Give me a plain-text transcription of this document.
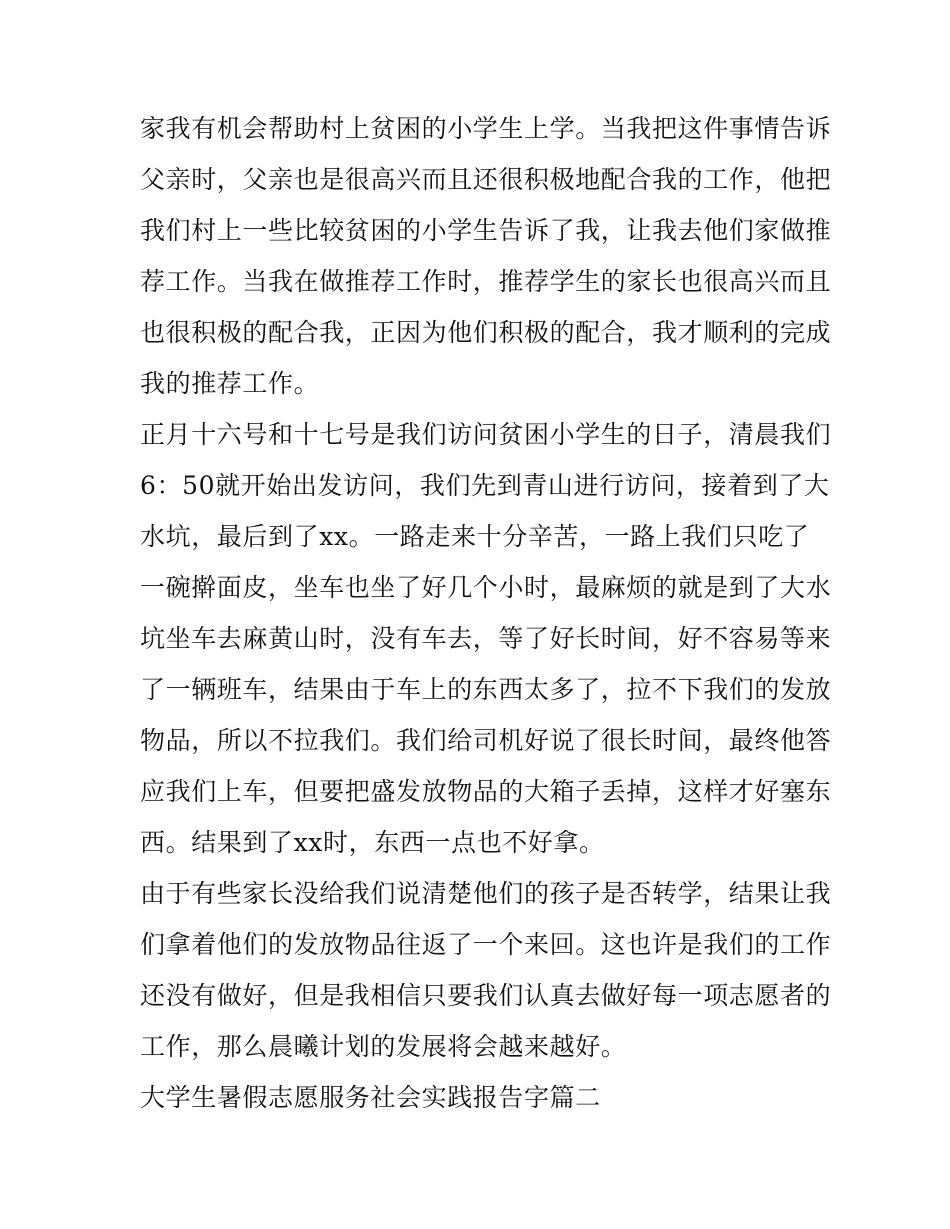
家我有机会帮助村上贫困的小学生上学。当我把这件事情告诉
父亲时，父亲也是很高兴而且还很积极地配合我的工作，他把
我们村上一些比较贫困的小学生告诉了我，让我去他们家做推
荐工作。当我在做推荐工作时，推荐学生的家长也很高兴而且
也很积极的配合我，正因为他们积极的配合，我才顺利的完成
我的推荐工作。
正月十六号和十七号是我们访问贫困小学生的日子，清晨我们
6：50就开始出发访问，我们先到青山进行访问，接着到了大
水坑，最后到了xx。一路走来十分辛苦，一路上我们只吃了
一碗擀面皮，坐车也坐了好几个小时，最麻烦的就是到了大水
坑坐车去麻黄山时，没有车去，等了好长时间，好不容易等来
了一辆班车，结果由于车上的东西太多了，拉不下我们的发放
物品，所以不拉我们。我们给司机好说了很长时间，最终他答
应我们上车，但要把盛发放物品的大箱子丢掉，这样才好塞东
西。结果到了xx时，东西一点也不好拿。
由于有些家长没给我们说清楚他们的孩子是否转学，结果让我
们拿着他们的发放物品往返了一个来回。这也许是我们的工作
还没有做好，但是我相信只要我们认真去做好每一项志愿者的
工作，那么晨曦计划的发展将会越来越好。
大学生暑假志愿服务社会实践报告字篇二
